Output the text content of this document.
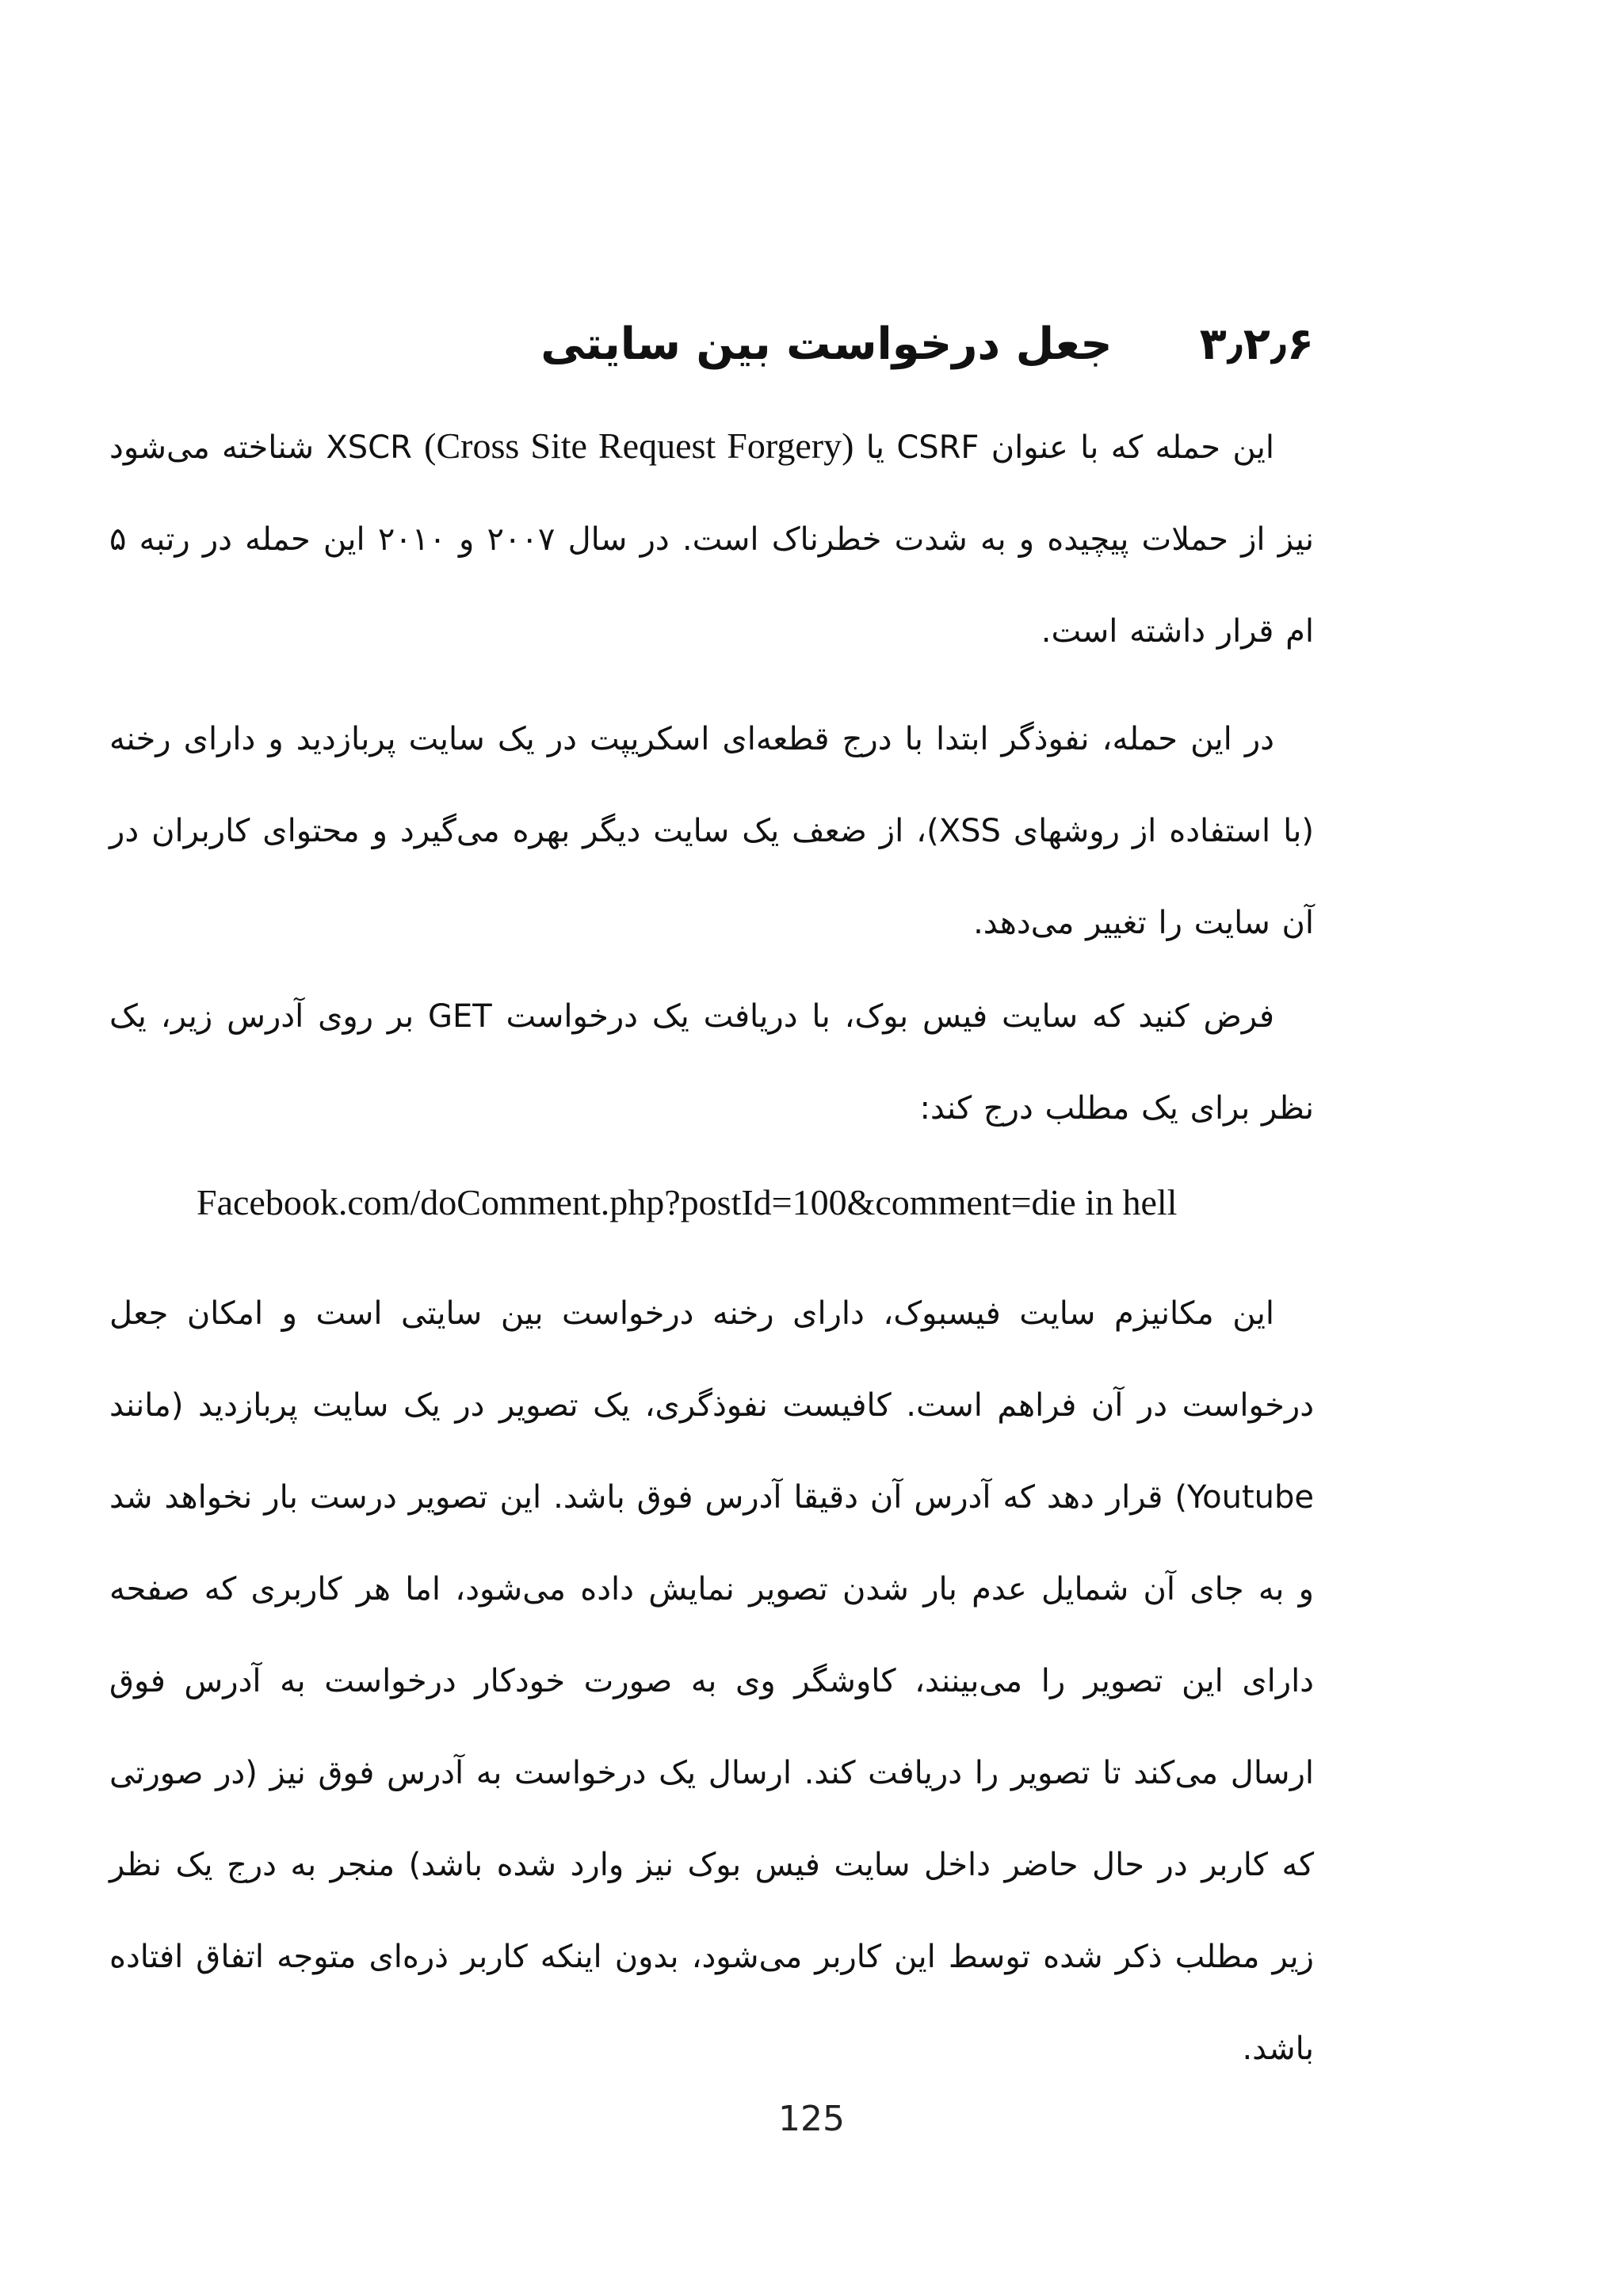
۳٫۲٫۶جعل درخواست بین سایتی

این حمله که با عنوان CSRF یا XSCR (Cross Site Request Forgery) شناخته می‌شود نیز از حملات پیچیده و به شدت خطرناک است. در سال ۲۰۰۷ و ۲۰۱۰ این حمله در رتبه ۵ ام قرار داشته است.

در این حمله، نفوذگر ابتدا با درج قطعه‌ای اسکریپت در یک سایت پربازدید و دارای رخنه (با استفاده از روشهای XSS)، از ضعف یک سایت دیگر بهره می‌گیرد و محتوای کاربران در آن سایت را تغییر می‌دهد.

فرض کنید که سایت فیس بوک، با دریافت یک درخواست GET بر روی آدرس زیر، یک نظر برای یک مطلب درج کند:

Facebook.com/doComment.php?postId=100&comment=die in hell

این مکانیزم سایت فیسبوک، دارای رخنه درخواست بین سایتی است و امکان جعل درخواست در آن فراهم است. کافیست نفوذگری، یک تصویر در یک سایت پربازدید (مانند Youtube) قرار دهد که آدرس آن دقیقا آدرس فوق باشد. این تصویر درست بار نخواهد شد و به جای آن شمایل عدم بار شدن تصویر نمایش داده می‌شود، اما هر کاربری که صفحه دارای این تصویر را می‌بینند، کاوشگر وی به صورت خودکار درخواست به آدرس فوق ارسال می‌کند تا تصویر را دریافت کند. ارسال یک درخواست به آدرس فوق نیز (در صورتی که کاربر در حال حاضر داخل سایت فیس بوک نیز وارد شده باشد) منجر به درج یک نظر زیر مطلب ذکر شده توسط این کاربر می‌شود، بدون اینکه کاربر ذره‌ای متوجه اتفاق افتاده باشد.

125
